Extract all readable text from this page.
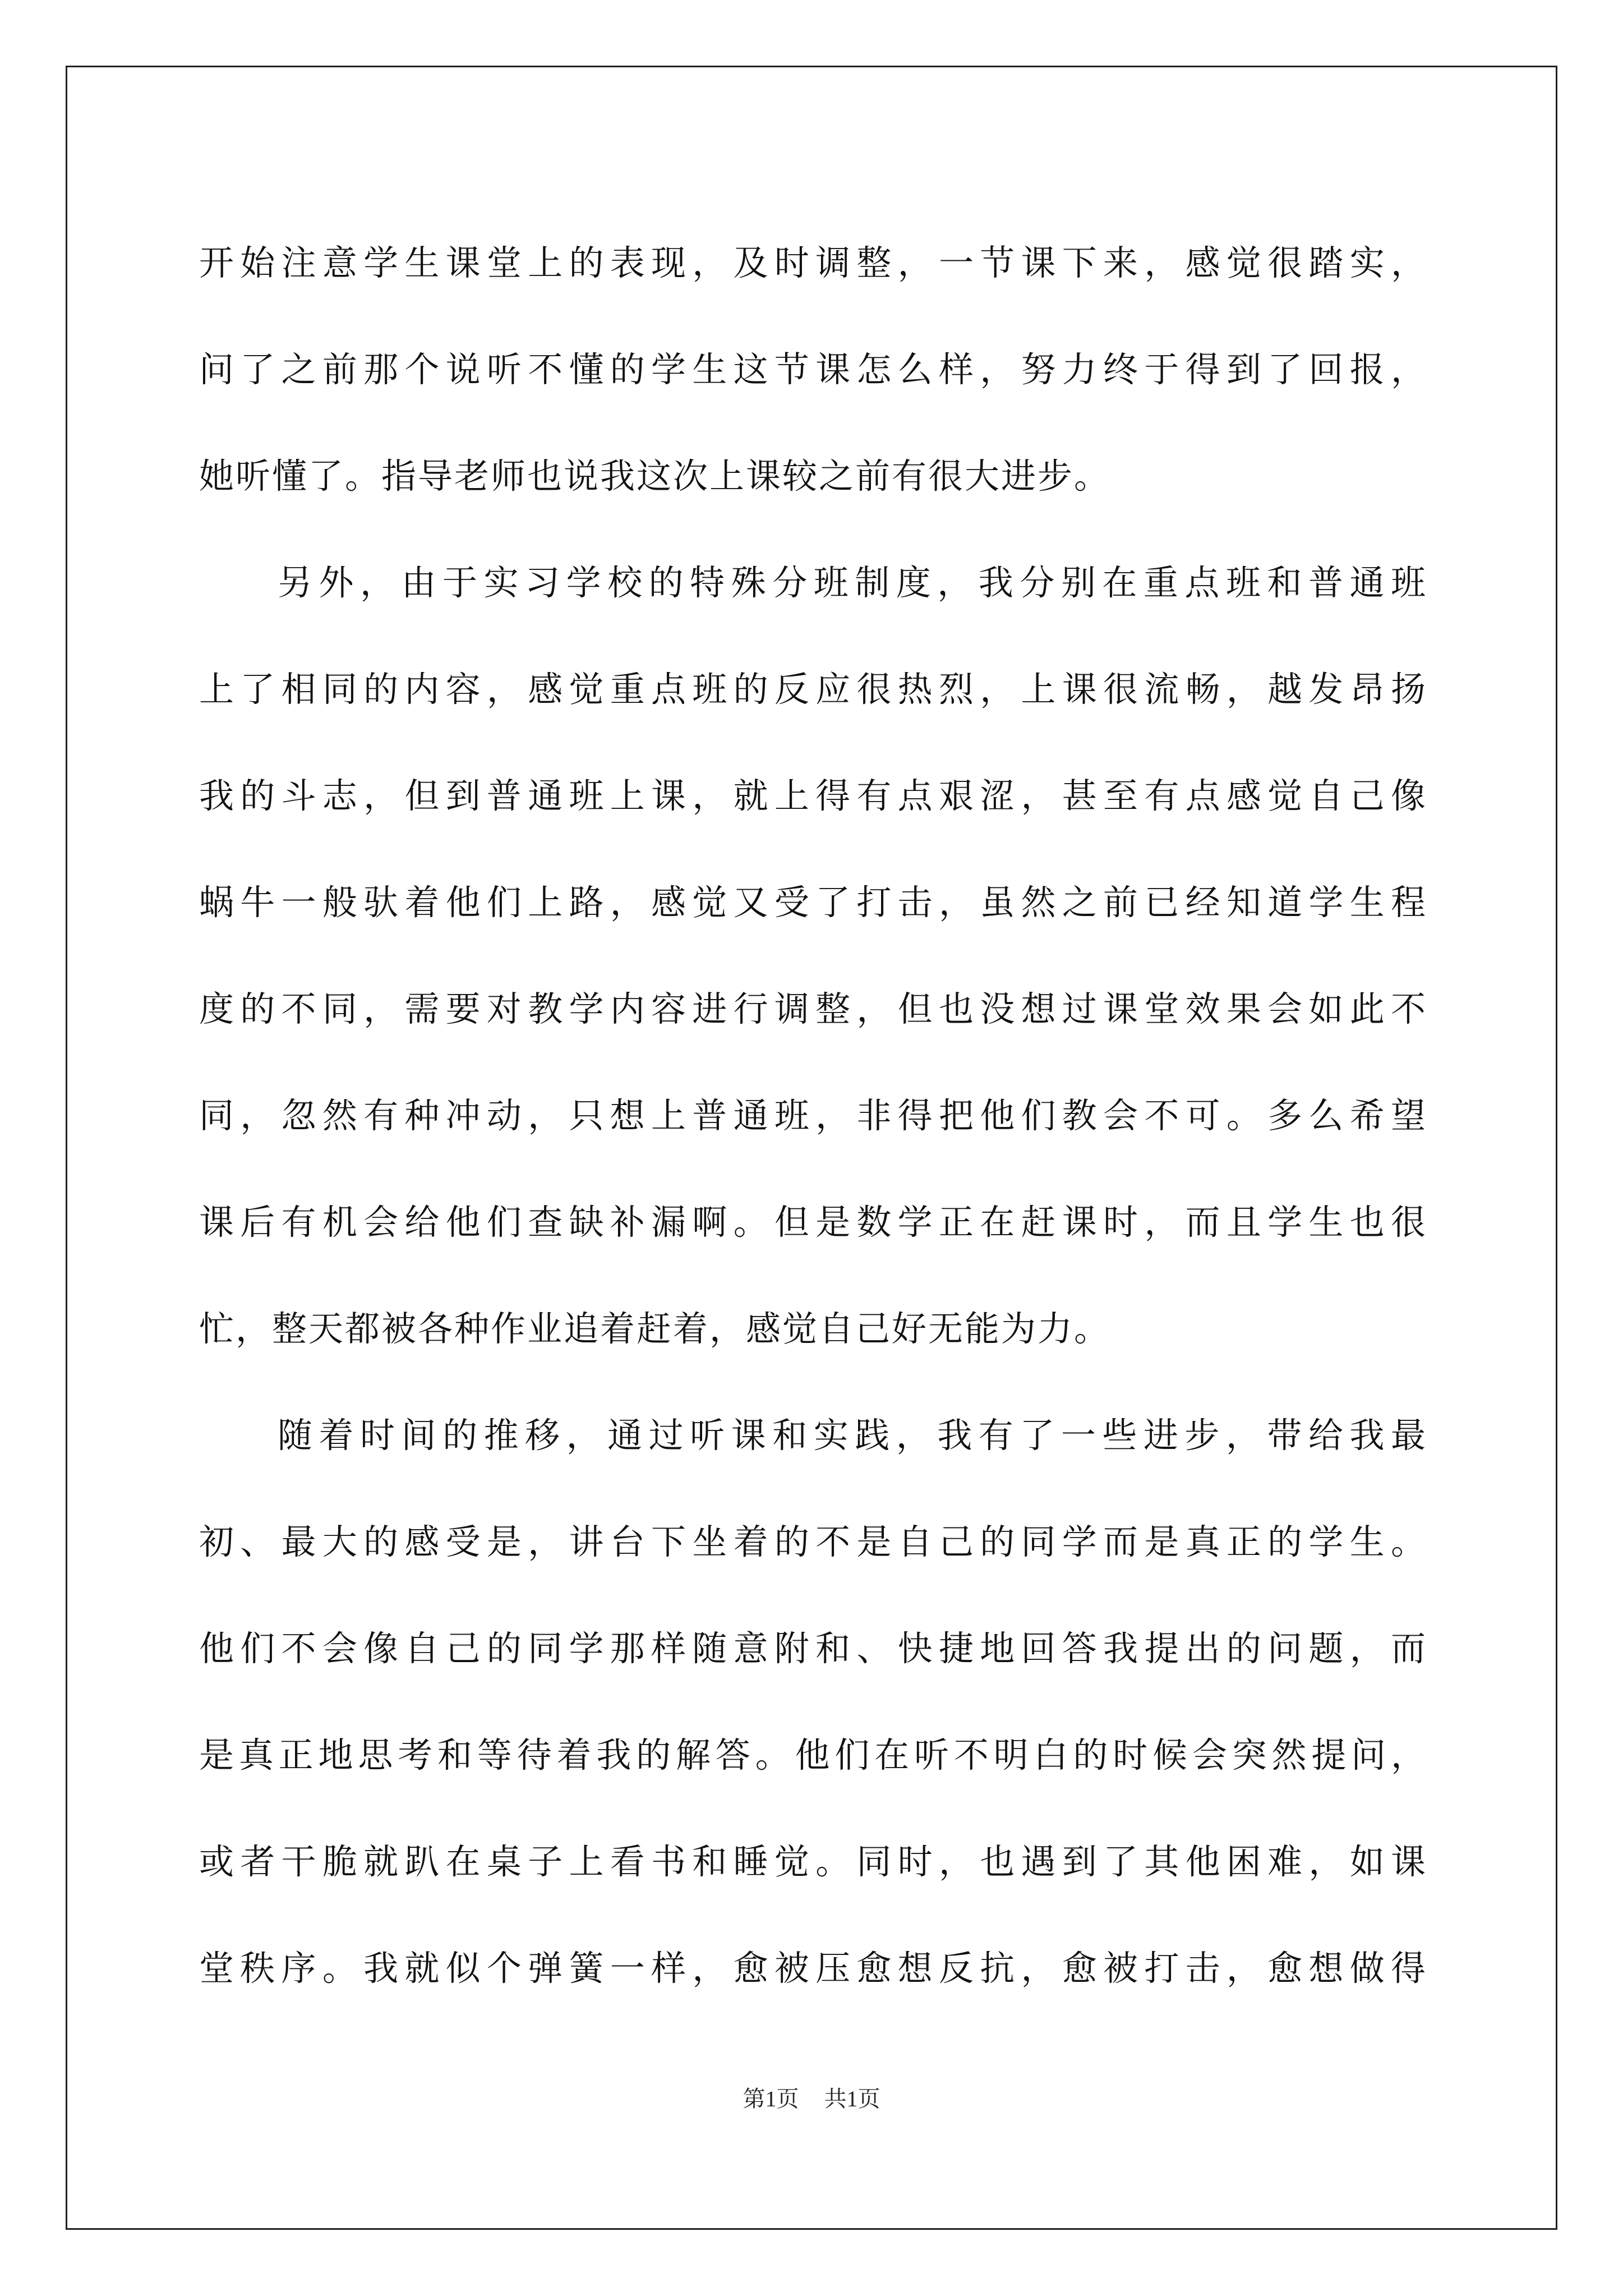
开始注意学生课堂上的表现，及时调整，一节课下来，感觉很踏实，
问了之前那个说听不懂的学生这节课怎么样，努力终于得到了回报，
她听懂了。指导老师也说我这次上课较之前有很大进步。
另外，由于实习学校的特殊分班制度，我分别在重点班和普通班
上了相同的内容，感觉重点班的反应很热烈，上课很流畅，越发昂扬
我的斗志，但到普通班上课，就上得有点艰涩，甚至有点感觉自己像
蜗牛一般驮着他们上路，感觉又受了打击，虽然之前已经知道学生程
度的不同，需要对教学内容进行调整，但也没想过课堂效果会如此不
同，忽然有种冲动，只想上普通班，非得把他们教会不可。多么希望
课后有机会给他们查缺补漏啊。但是数学正在赶课时，而且学生也很
忙，整天都被各种作业追着赶着，感觉自己好无能为力。
随着时间的推移，通过听课和实践，我有了一些进步，带给我最
初、最大的感受是，讲台下坐着的不是自己的同学而是真正的学生。
他们不会像自己的同学那样随意附和、快捷地回答我提出的问题，而
是真正地思考和等待着我的解答。他们在听不明白的时候会突然提问，
或者干脆就趴在桌子上看书和睡觉。同时，也遇到了其他困难，如课
堂秩序。我就似个弹簧一样，愈被压愈想反抗，愈被打击，愈想做得
第1页 共1页
